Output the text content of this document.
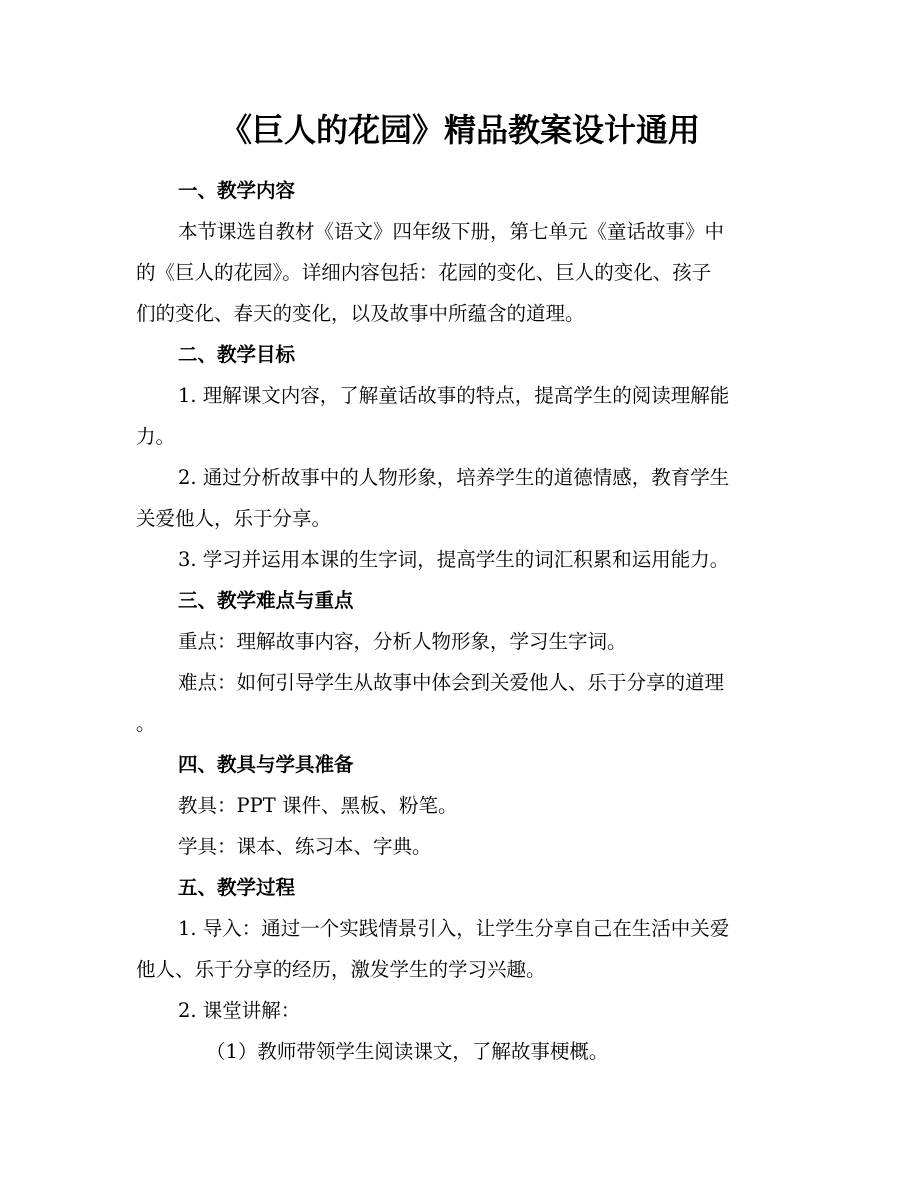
《巨人的花园》精品教案设计通用
一、教学内容
本节课选自教材《语文》四年级下册，第七单元《童话故事》中
的《巨人的花园》。详细内容包括：花园的变化、巨人的变化、孩子
们的变化、春天的变化，以及故事中所蕴含的道理。
二、教学目标
1. 理解课文内容，了解童话故事的特点，提高学生的阅读理解能
力。
2. 通过分析故事中的人物形象，培养学生的道德情感，教育学生
关爱他人，乐于分享。
3. 学习并运用本课的生字词，提高学生的词汇积累和运用能力。
三、教学难点与重点
重点：理解故事内容，分析人物形象，学习生字词。
难点：如何引导学生从故事中体会到关爱他人、乐于分享的道理
。
四、教具与学具准备
教具：PPT 课件、黑板、粉笔。
学具：课本、练习本、字典。
五、教学过程
1. 导入：通过一个实践情景引入，让学生分享自己在生活中关爱
他人、乐于分享的经历，激发学生的学习兴趣。
2. 课堂讲解：
（1）教师带领学生阅读课文，了解故事梗概。
